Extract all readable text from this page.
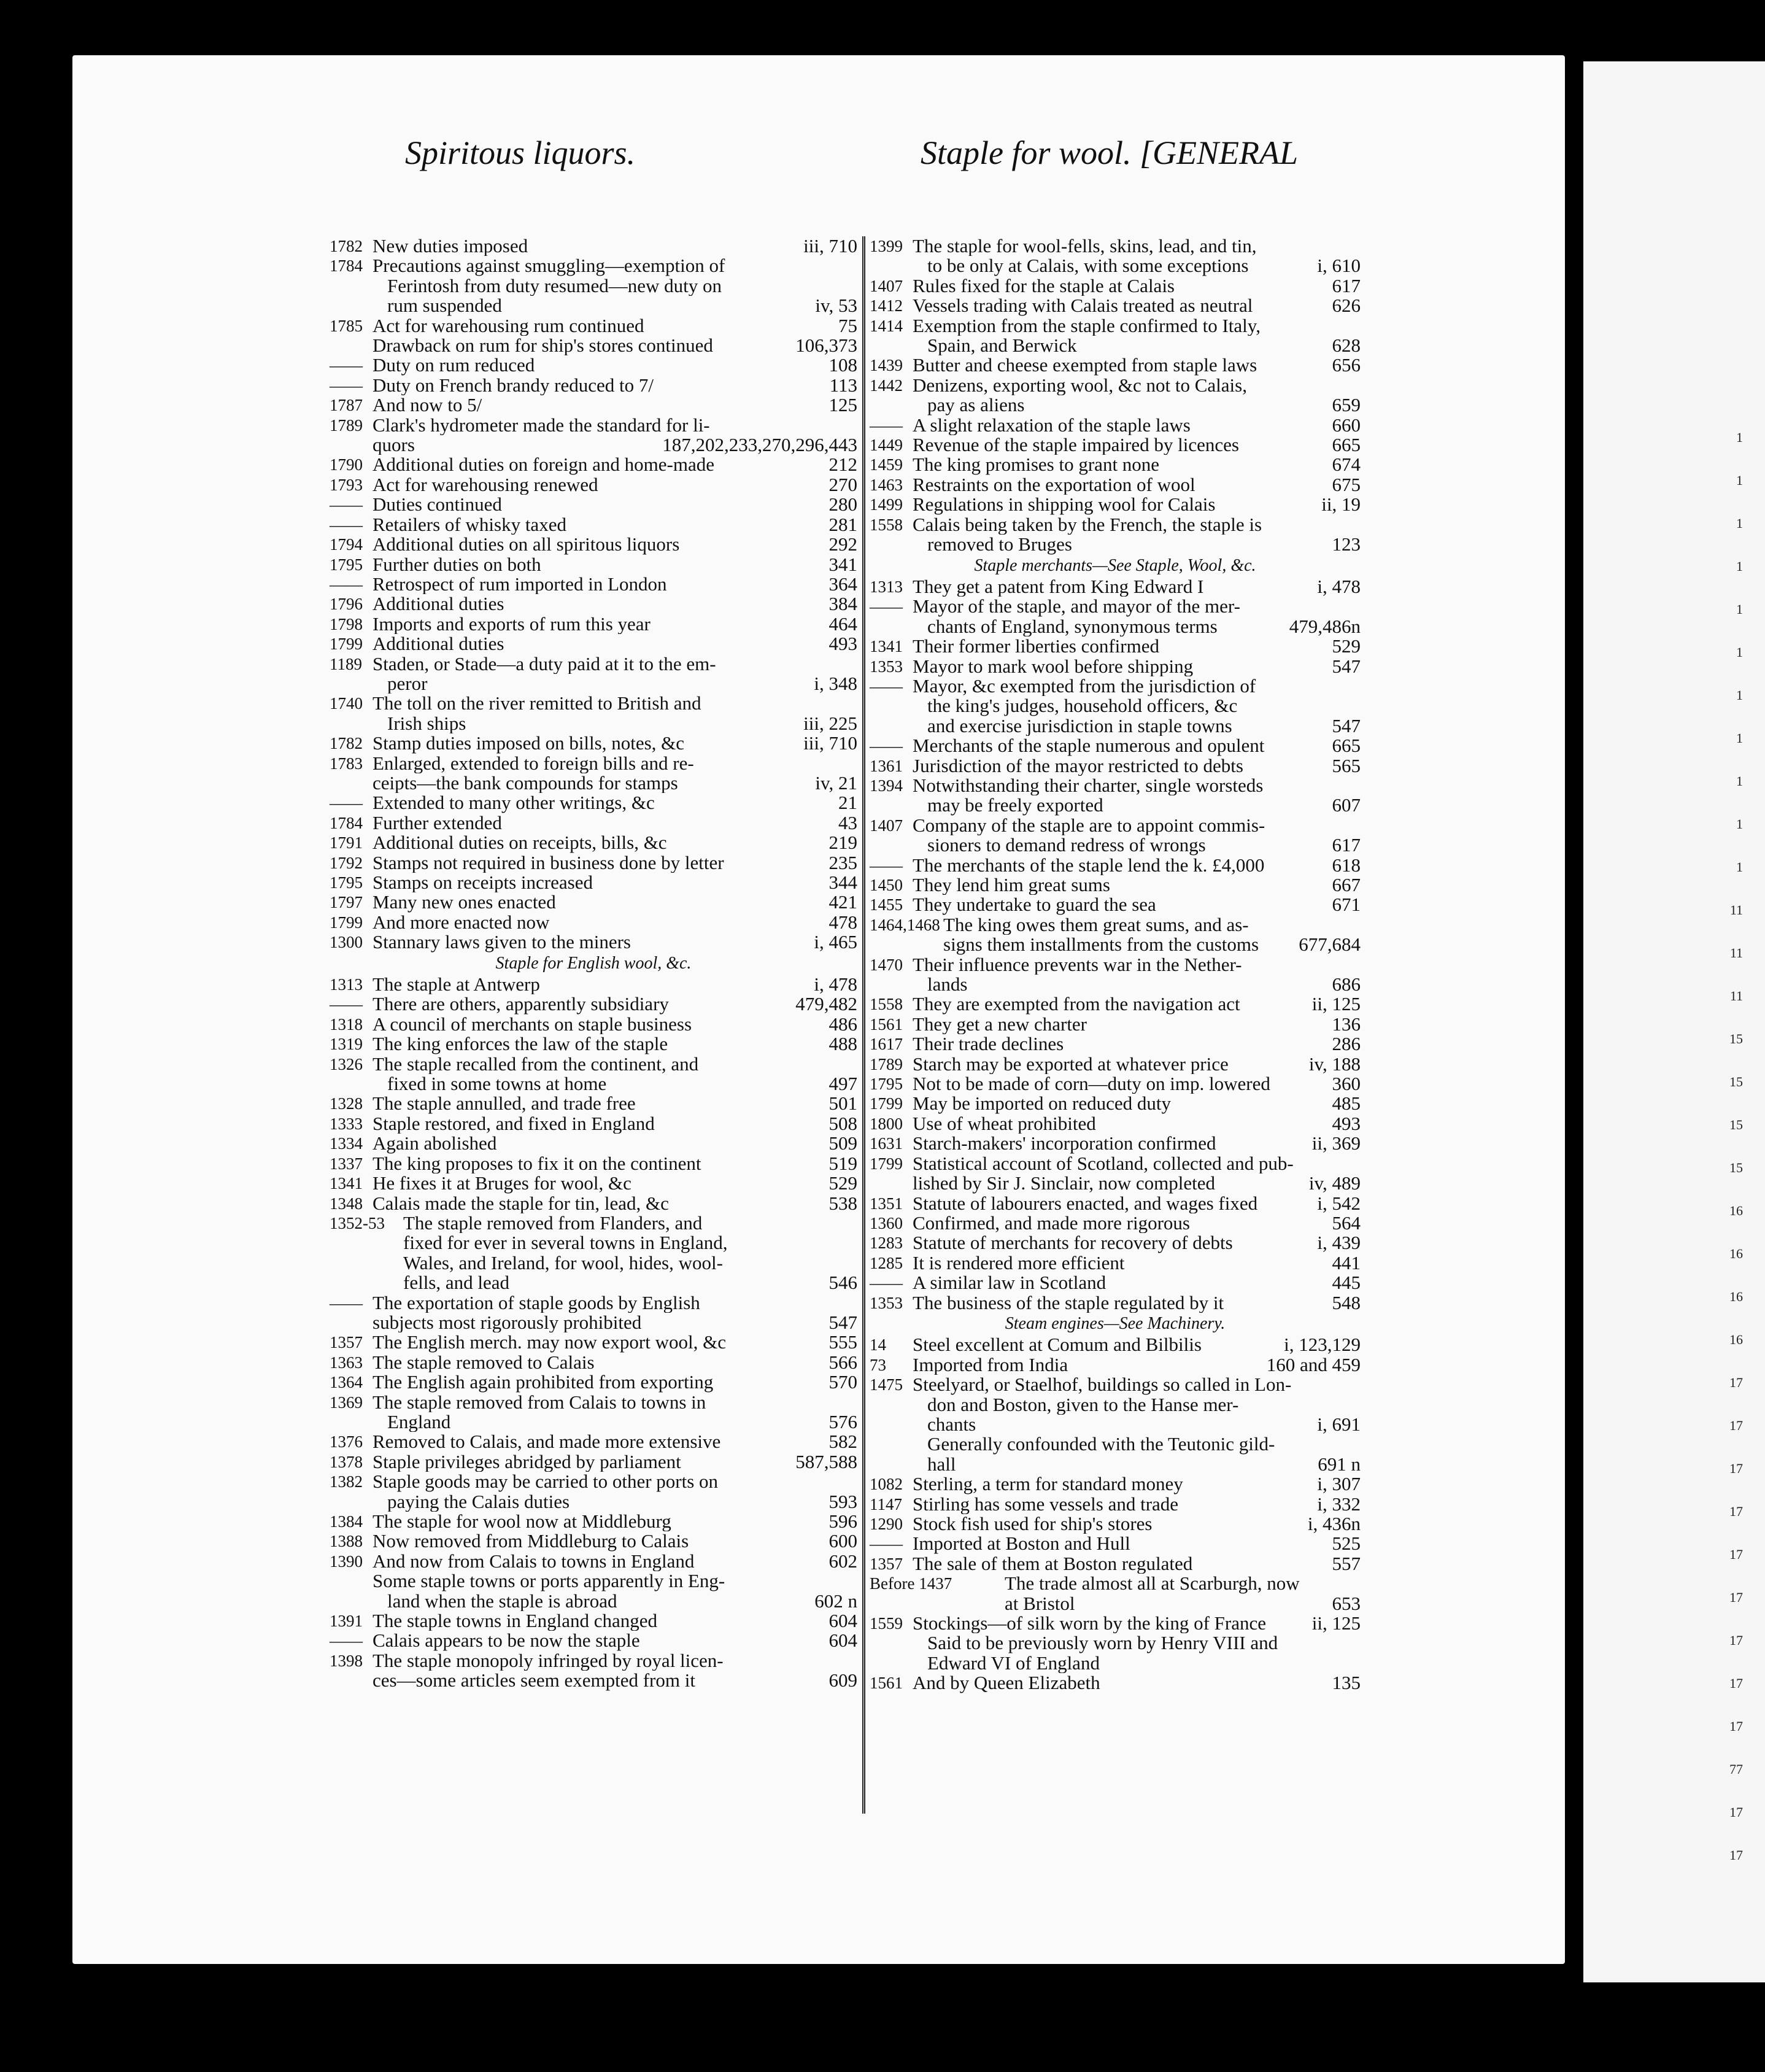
1
1
1
1
1
1
1
1
1
1
1
11
11
11
15
15
15
15
16
16
16
16
17
17
17
17
17
17
17
17
17
77
17
17
Spiritous liquors.	Staple for wool. [GENERAL
1782 New duties imposed	iii, 710
1784 Precautions against smuggling—exemption of
Ferintosh from duty resumed—new duty on
rum suspended	iv, 53
1785 Act for warehousing rum continued	75
Drawback on rum for ship's stores continued	106,373
—— Duty on rum reduced	108
—— Duty on French brandy reduced to 7/	113
1787 And now to 5/	125
1789 Clark's hydrometer made the standard for li-
quors	187,202,233,270,296,443
1790 Additional duties on foreign and home-made	212
1793 Act for warehousing renewed	270
—— Duties continued	280
—— Retailers of whisky taxed	281
1794 Additional duties on all spiritous liquors	292
1795 Further duties on both	341
—— Retrospect of rum imported in London	364
1796 Additional duties	384
1798 Imports and exports of rum this year	464
1799 Additional duties	493
1189 Staden, or Stade—a duty paid at it to the em-
peror	i, 348
1740 The toll on the river remitted to British and
Irish ships	iii, 225
1782 Stamp duties imposed on bills, notes, &c	iii, 710
1783 Enlarged, extended to foreign bills and re-
ceipts—the bank compounds for stamps	iv, 21
—— Extended to many other writings, &c	21
1784 Further extended	43
1791 Additional duties on receipts, bills, &c	219
1792 Stamps not required in business done by letter	235
1795 Stamps on receipts increased	344
1797 Many new ones enacted	421
1799 And more enacted now	478
1300 Stannary laws given to the miners	i, 465
Staple for English wool, &c.
1313 The staple at Antwerp	i, 478
—— There are others, apparently subsidiary	479,482
1318 A council of merchants on staple business	486
1319 The king enforces the law of the staple	488
1326 The staple recalled from the continent, and
fixed in some towns at home	497
1328 The staple annulled, and trade free	501
1333 Staple restored, and fixed in England	508
1334 Again abolished	509
1337 The king proposes to fix it on the continent	519
1341 He fixes it at Bruges for wool, &c	529
1348 Calais made the staple for tin, lead, &c	538
1352-53 The staple removed from Flanders, and
fixed for ever in several towns in England,
Wales, and Ireland, for wool, hides, wool-
fells, and lead	546
—— The exportation of staple goods by English
subjects most rigorously prohibited	547
1357 The English merch. may now export wool, &c	555
1363 The staple removed to Calais	566
1364 The English again prohibited from exporting	570
1369 The staple removed from Calais to towns in
England	576
1376 Removed to Calais, and made more extensive	582
1378 Staple privileges abridged by parliament	587,588
1382 Staple goods may be carried to other ports on
paying the Calais duties	593
1384 The staple for wool now at Middleburg	596
1388 Now removed from Middleburg to Calais	600
1390 And now from Calais to towns in England	602
Some staple towns or ports apparently in Eng-
land when the staple is abroad	602 n
1391 The staple towns in England changed	604
—— Calais appears to be now the staple	604
1398 The staple monopoly infringed by royal licen-
ces—some articles seem exempted from it	609
1399 The staple for wool-fells, skins, lead, and tin,
to be only at Calais, with some exceptions	i, 610
1407 Rules fixed for the staple at Calais	617
1412 Vessels trading with Calais treated as neutral	626
1414 Exemption from the staple confirmed to Italy,
Spain, and Berwick	628
1439 Butter and cheese exempted from staple laws	656
1442 Denizens, exporting wool, &c not to Calais,
pay as aliens	659
—— A slight relaxation of the staple laws	660
1449 Revenue of the staple impaired by licences	665
1459 The king promises to grant none	674
1463 Restraints on the exportation of wool	675
1499 Regulations in shipping wool for Calais	ii, 19
1558 Calais being taken by the French, the staple is
removed to Bruges	123
Staple merchants—See Staple, Wool, &c.
1313 They get a patent from King Edward I	i, 478
—— Mayor of the staple, and mayor of the mer-
chants of England, synonymous terms	479,486n
1341 Their former liberties confirmed	529
1353 Mayor to mark wool before shipping	547
—— Mayor, &c exempted from the jurisdiction of
the king's judges, household officers, &c
and exercise jurisdiction in staple towns	547
—— Merchants of the staple numerous and opulent	665
1361 Jurisdiction of the mayor restricted to debts	565
1394 Notwithstanding their charter, single worsteds
may be freely exported	607
1407 Company of the staple are to appoint commis-
sioners to demand redress of wrongs	617
—— The merchants of the staple lend the k. £4,000	618
1450 They lend him great sums	667
1455 They undertake to guard the sea	671
1464,1468 The king owes them great sums, and as-
signs them installments from the customs	677,684
1470 Their influence prevents war in the Nether-
lands	686
1558 They are exempted from the navigation act	ii, 125
1561 They get a new charter	136
1617 Their trade declines	286
1789 Starch may be exported at whatever price	iv, 188
1795 Not to be made of corn—duty on imp. lowered	360
1799 May be imported on reduced duty	485
1800 Use of wheat prohibited	493
1631 Starch-makers' incorporation confirmed	ii, 369
1799 Statistical account of Scotland, collected and pub-
lished by Sir J. Sinclair, now completed	iv, 489
1351 Statute of labourers enacted, and wages fixed	i, 542
1360 Confirmed, and made more rigorous	564
1283 Statute of merchants for recovery of debts	i, 439
1285 It is rendered more efficient	441
—— A similar law in Scotland	445
1353 The business of the staple regulated by it	548
Steam engines—See Machinery.
14	Steel excellent at Comum and Bilbilis	i, 123,129
73	Imported from India	160 and 459
1475 Steelyard, or Staelhof, buildings so called in Lon-
don and Boston, given to the Hanse mer-
chants	i, 691
Generally confounded with the Teutonic gild-
hall	691 n
1082 Sterling, a term for standard money	i, 307
1147 Stirling has some vessels and trade	i, 332
1290 Stock fish used for ship's stores	i, 436n
—— Imported at Boston and Hull	525
1357 The sale of them at Boston regulated	557
Before 1437	The trade almost all at Scarburgh, now
at Bristol	653
1559 Stockings—of silk worn by the king of France	ii, 125
Said to be previously worn by Henry VIII and
Edward VI of England
1561 And by Queen Elizabeth	135
